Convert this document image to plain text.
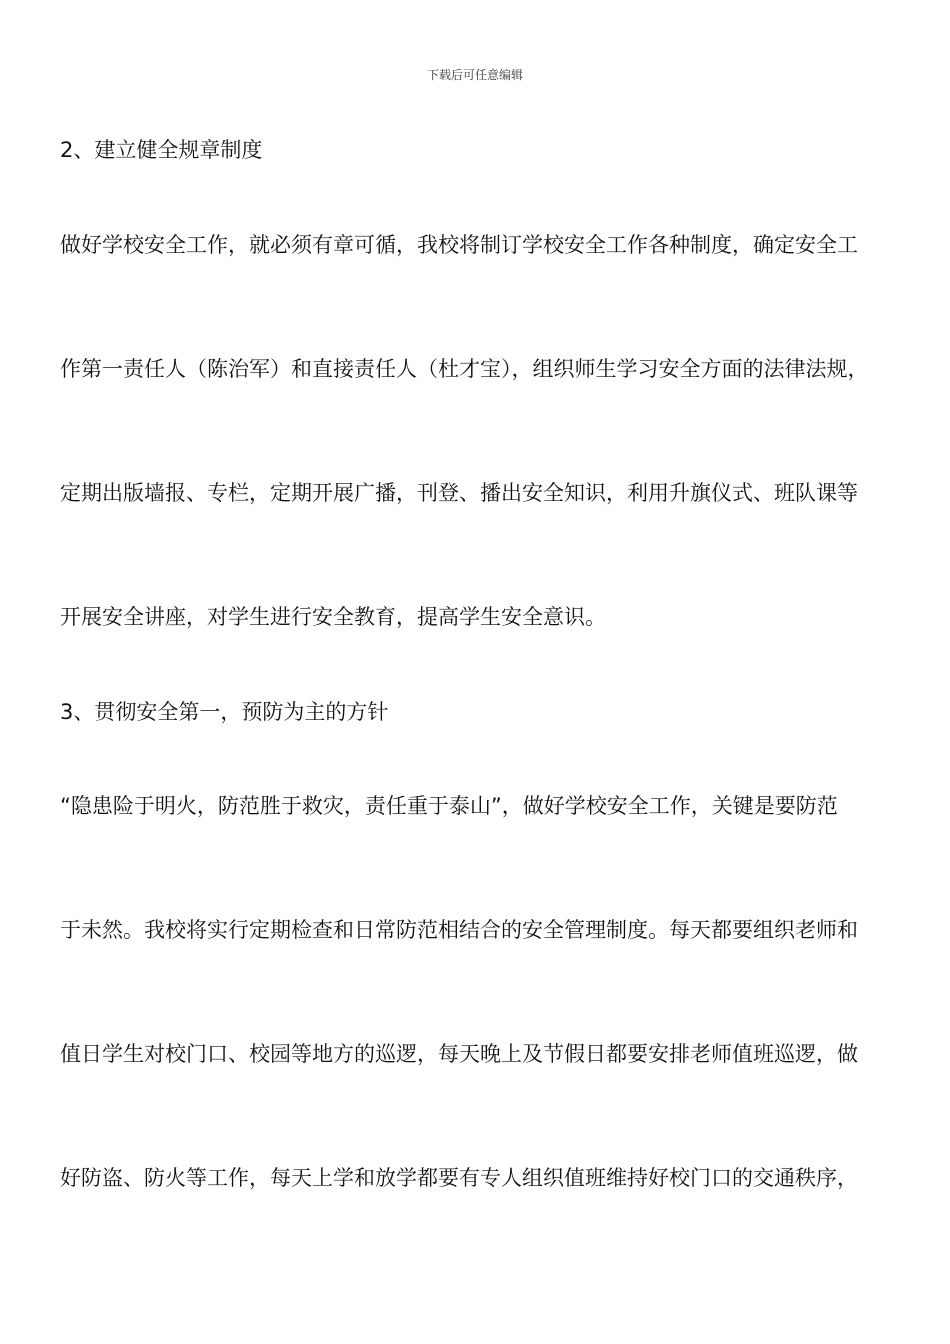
下载后可任意编辑
2、建立健全规章制度
做好学校安全工作，就必须有章可循，我校将制订学校安全工作各种制度，确定安全工
作第一责任人（陈治军）和直接责任人（杜才宝），组织师生学习安全方面的法律法规，
定期出版墙报、专栏，定期开展广播，刊登、播出安全知识，利用升旗仪式、班队课等
开展安全讲座，对学生进行安全教育，提高学生安全意识。
3、贯彻安全第一，预防为主的方针
“隐患险于明火，防范胜于救灾，责任重于泰山”，做好学校安全工作，关键是要防范
于未然。我校将实行定期检查和日常防范相结合的安全管理制度。每天都要组织老师和
值日学生对校门口、校园等地方的巡逻，每天晚上及节假日都要安排老师值班巡逻，做
好防盗、防火等工作，每天上学和放学都要有专人组织值班维持好校门口的交通秩序，
